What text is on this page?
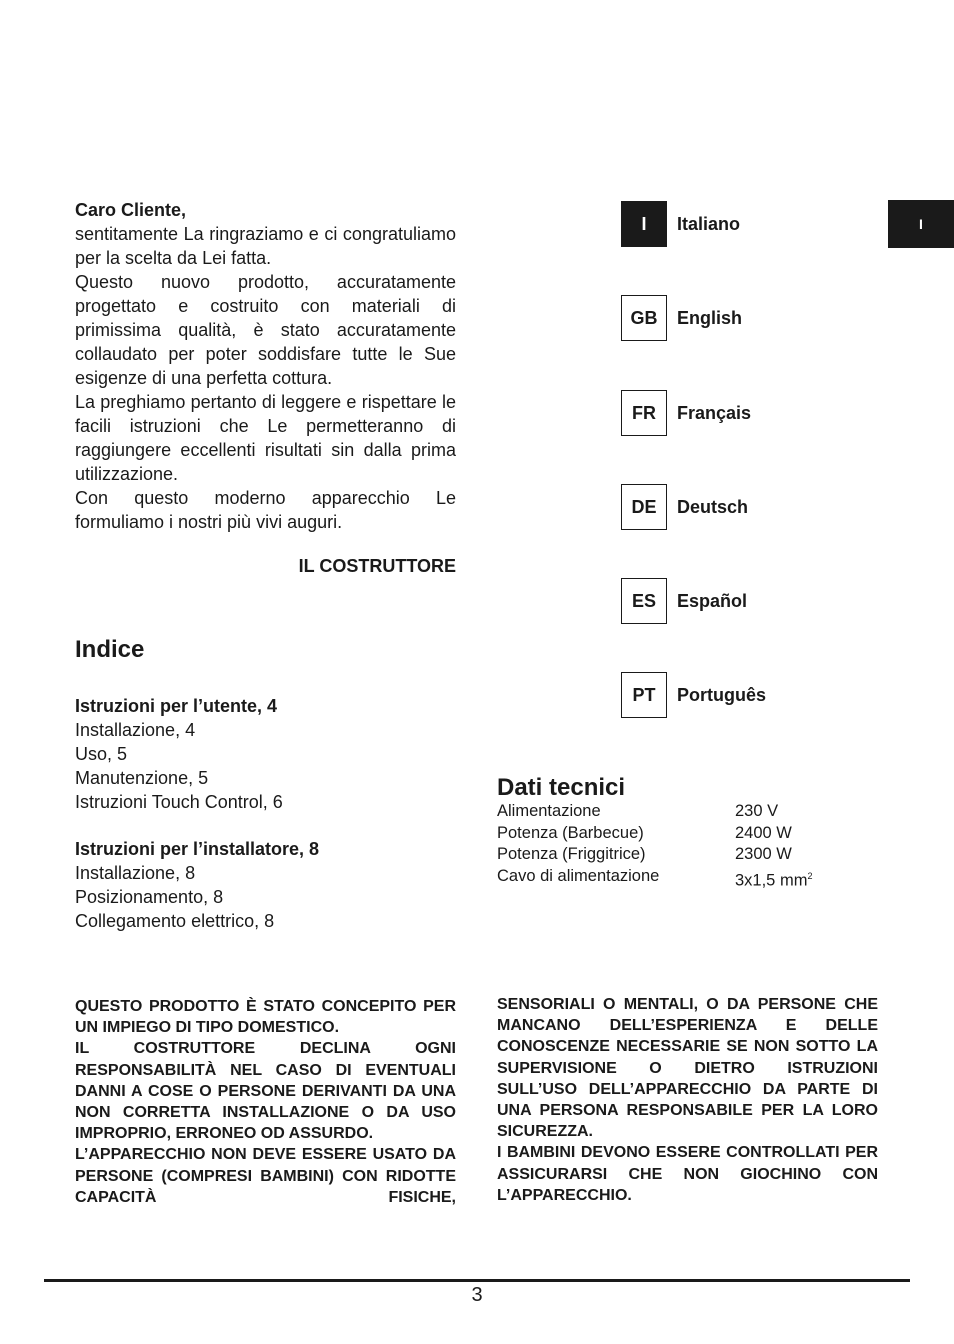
Caro Cliente,

sentitamente La ringraziamo e ci congratuliamo per la scelta da Lei fatta.

Questo nuovo prodotto, accuratamente progettato e costruito con materiali di primissima qualità, è stato accuratamente collaudato per poter soddisfare tutte le Sue esigenze di una perfetta cottura.

La preghiamo pertanto di leggere e rispettare le facili istruzioni che Le permetteranno di raggiungere eccellenti risultati sin dalla prima utilizzazione.

Con questo moderno apparecchio Le formuliamo i nostri più vivi auguri.

IL COSTRUTTORE
Indice
Istruzioni per l’utente, 4
Installazione, 4
Uso, 5
Manutenzione, 5
Istruzioni Touch Control, 6
Istruzioni per l’installatore, 8
Installazione, 8
Posizionamento, 8
Collegamento elettrico, 8
I	Italiano
GB	English
FR	Français
DE	Deutsch
ES	Español
PT	Português
I
Dati tecnici
Alimentazione	230 V
Potenza (Barbecue)	2400 W
Potenza (Friggitrice)	2300 W
Cavo di alimentazione	3x1,5 $mm^2$

QUESTO PRODOTTO È STATO CONCEPITO PER UN IMPIEGO DI TIPO DOMESTICO.

IL COSTRUTTORE DECLINA OGNI RESPONSABILITÀ NEL CASO DI EVENTUALI DANNI A COSE O PERSONE DERIVANTI DA UNA NON CORRETTA INSTALLAZIONE O DA USO IMPROPRIO, ERRONEO OD ASSURDO.

L’APPARECCHIO NON DEVE ESSERE USATO DA PERSONE (COMPRESI BAMBINI) CON RIDOTTE CAPACITÀ FISICHE,

SENSORIALI O MENTALI, O DA PERSONE CHE MANCANO DELL’ESPERIENZA E DELLE CONOSCENZE NECESSARIE SE NON SOTTO LA SUPERVISIONE O DIETRO ISTRUZIONI SULL’USO DELL’APPARECCHIO DA PARTE DI UNA PERSONA RESPONSABILE PER LA LORO SICUREZZA.

I BAMBINI DEVONO ESSERE CONTROLLATI PER ASSICURARSI CHE NON GIOCHINO CON L’APPARECCHIO.

3
